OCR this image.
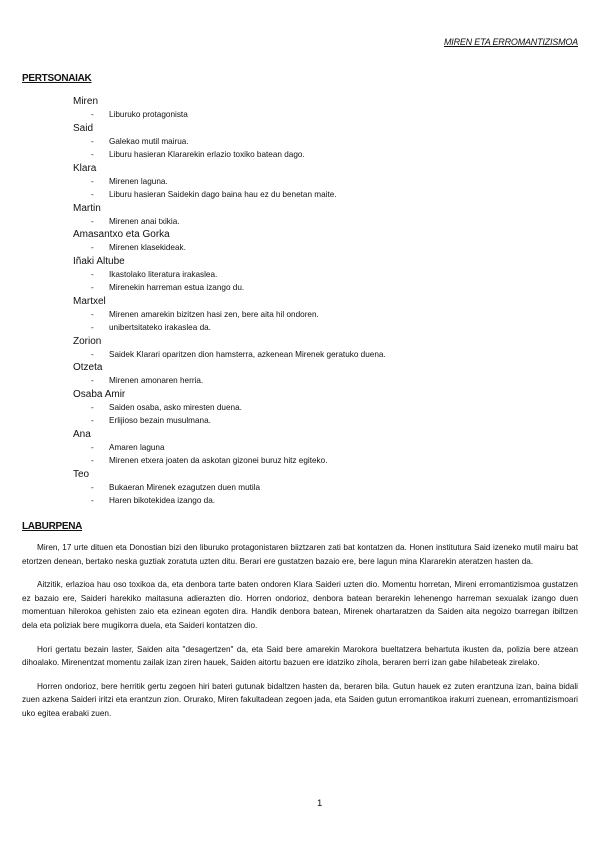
MIREN ETA ERROMANTIZISMOA
PERTSONAIAK
Miren
- Liburuko protagonista
Said
- Galekao mutil mairua.
- Liburu hasieran Klararekin erlazio toxiko batean dago.
Klara
- Mirenen laguna.
- Liburu hasieran Saidekin dago baina hau ez du benetan maite.
Martin
- Mirenen anai txikia.
Amasantxo eta Gorka
- Mirenen klasekideak.
Iñaki Altube
- Ikastolako literatura irakaslea.
- Mirenekin harreman estua izango du.
Martxel
- Mirenen amarekin bizitzen hasi zen, bere aita hil ondoren.
- unibertsitateko irakaslea da.
Zorion
- Saidek Klarari oparitzen dion hamsterra, azkenean Mirenek geratuko duena.
Otzeta
- Mirenen amonaren herria.
Osaba Amir
- Saiden osaba, asko miresten duena.
- Erlijioso bezain musulmana.
Ana
- Amaren laguna
- Mirenen etxera joaten da askotan gizonei buruz hitz egiteko.
Teo
- Bukaeran Mirenek ezagutzen duen mutila
- Haren bikotekidea izango da.
LABURPENA

Miren, 17 urte dituen eta Donostian bizi den liburuko protagonistaren biiztzaren zati bat kontatzen da. Honen institutura Said izeneko mutil mairu bat etortzen denean, bertako neska guztiak zoratuta uzten ditu. Berari ere gustatzen bazaio ere, bere lagun mina Klararekin ateratzen hasten da.

Aitzitik, erlazioa hau oso toxikoa da, eta denbora tarte baten ondoren Klara Saideri uzten dio. Momentu horretan, Mireni erromantizismoa gustatzen ez bazaio ere, Saideri harekiko maitasuna adierazten dio. Horren ondorioz, denbora batean berarekin lehenengo harreman sexualak izango duen momentuan hilerokoa gehisten zaio eta ezinean egoten dira. Handik denbora batean, Mirenek ohartaratzen da Saiden aita negoizo txarregan ibiltzen dela eta poliziak bere mugikorra duela, eta Saideri kontatzen dio.

Hori gertatu bezain laster, Saiden aita "desagertzen" da, eta Said bere amarekin Marokora bueltatzera behartuta ikusten da, polizia bere atzean dihoalako. Mirenentzat momentu zailak izan ziren hauek, Saiden aitortu bazuen ere idatziko ziholа, beraren berri izan gabe hilabeteak zirelako.

Horren ondorioz, bere herritik gertu zegoen hiri bateri gutunak bidaltzen hasten da, beraren bila. Gutun hauek ez zuten erantzuna izan, baina bidali zuen azkena Saideri iritzi eta erantzun zion. Orurako, Miren fakultadean zegoen jada, eta Saiden gutun erromantikoa irakurri zuenean, erromantizismoari uko egitea erabaki zuen.

1
